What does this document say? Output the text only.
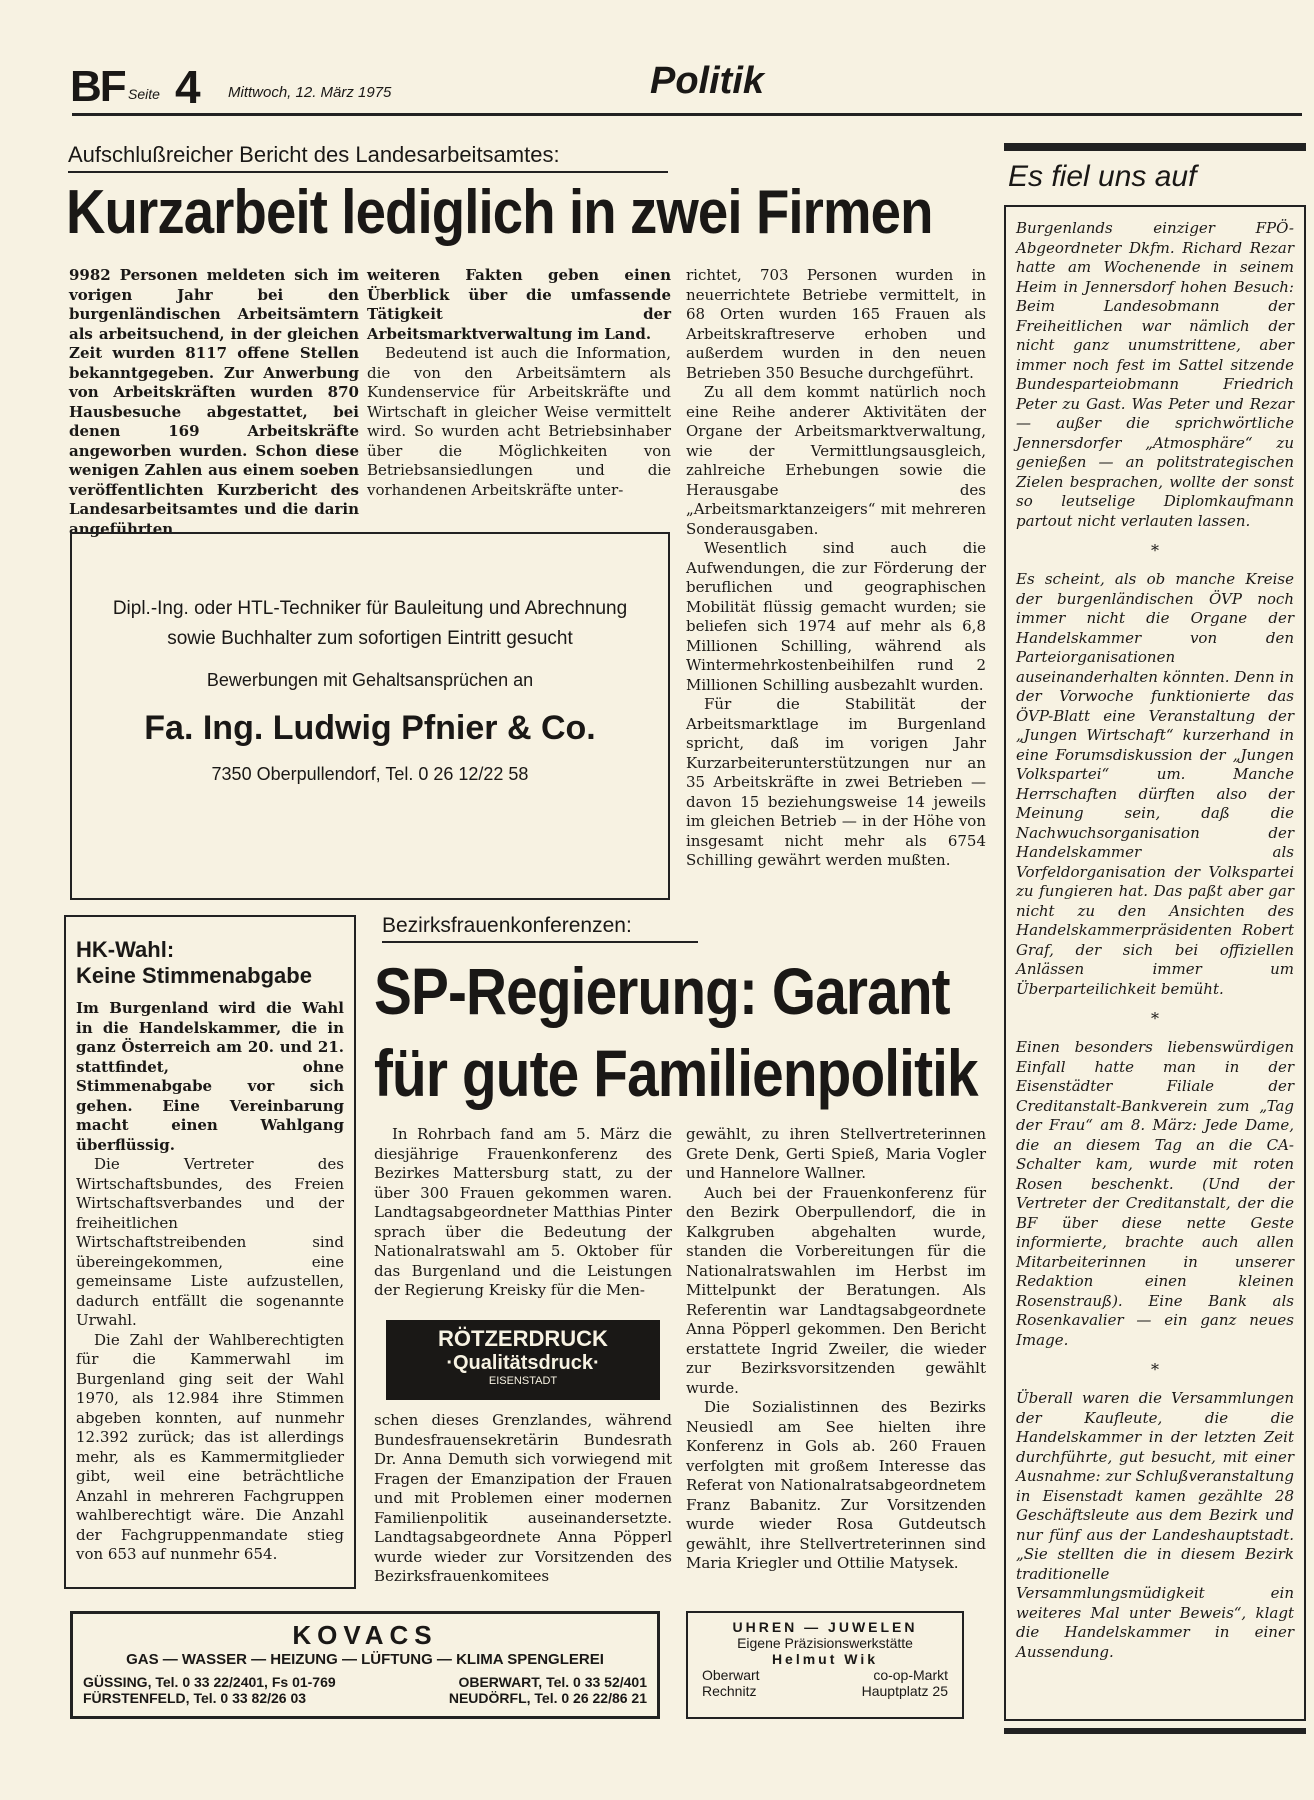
BF Seite 4 Mittwoch, 12. März 1975	Politik
Aufschlußreicher Bericht des Landesarbeitsamtes:
Kurzarbeit lediglich in zwei Firmen
9982 Personen meldeten sich im vorigen Jahr bei den burgenländischen Arbeitsämtern als arbeitsuchend, in der gleichen Zeit wurden 8117 offene Stellen bekanntgegeben. Zur Anwerbung von Arbeitskräften wurden 870 Hausbesuche abgestattet, bei denen 169 Arbeitskräfte angeworben wurden. Schon diese wenigen Zahlen aus einem soeben veröffentlichten Kurzbericht des Landesarbeitsamtes und die darin angeführten
weiteren Fakten geben einen Überblick über die umfassende Tätigkeit der Arbeitsmarktverwaltung im Land.

Bedeutend ist auch die Information, die von den Arbeitsämtern als Kundenservice für Arbeitskräfte und Wirtschaft in gleicher Weise vermittelt wird. So wurden acht Betriebsinhaber über die Möglichkeiten von Betriebsansiedlungen und die vorhandenen Arbeitskräfte unter-

richtet, 703 Personen wurden in neuerrichtete Betriebe vermittelt, in 68 Orten wurden 165 Frauen als Arbeitskraftreserve erhoben und außerdem wurden in den neuen Betrieben 350 Besuche durchgeführt.

Zu all dem kommt natürlich noch eine Reihe anderer Aktivitäten der Organe der Arbeitsmarktverwaltung, wie der Vermittlungsausgleich, zahlreiche Erhebungen sowie die Herausgabe des „Arbeitsmarktanzeigers“ mit mehreren Sonderausgaben.

Wesentlich sind auch die Aufwendungen, die zur Förderung der beruflichen und geographischen Mobilität flüssig gemacht wurden; sie beliefen sich 1974 auf mehr als 6,8 Millionen Schilling, während als Wintermehrkostenbeihilfen rund 2 Millionen Schilling ausbezahlt wurden.

Für die Stabilität der Arbeitsmarktlage im Burgenland spricht, daß im vorigen Jahr Kurzarbeiterunterstützungen nur an 35 Arbeitskräfte in zwei Betrieben — davon 15 beziehungsweise 14 jeweils im gleichen Betrieb — in der Höhe von insgesamt nicht mehr als 6754 Schilling gewährt werden mußten.

Dipl.-Ing. oder HTL-Techniker für Bauleitung und Abrechnung sowie Buchhalter zum sofortigen Eintritt gesucht
Bewerbungen mit Gehaltsansprüchen an
Fa. Ing. Ludwig Pfnier & Co.
7350 Oberpullendorf, Tel. 0 26 12/22 58
HK-Wahl:
Keine Stimmenabgabe
Im Burgenland wird die Wahl in die Handelskammer, die in ganz Österreich am 20. und 21. stattfindet, ohne Stimmenabgabe vor sich gehen. Eine Vereinbarung macht einen Wahlgang überflüssig.

Die Vertreter des Wirtschaftsbundes, des Freien Wirtschaftsverbandes und der freiheitlichen Wirtschaftstreibenden sind übereingekommen, eine gemeinsame Liste aufzustellen, dadurch entfällt die sogenannte Urwahl.

Die Zahl der Wahlberechtigten für die Kammerwahl im Burgenland ging seit der Wahl 1970, als 12.984 ihre Stimmen abgeben konnten, auf nunmehr 12.392 zurück; das ist allerdings mehr, als es Kammermitglieder gibt, weil eine beträchtliche Anzahl in mehreren Fachgruppen wahlberechtigt wäre. Die Anzahl der Fachgruppenmandate stieg von 653 auf nunmehr 654.

Bezirksfrauenkonferenzen:
SP-Regierung: Garant
für gute Familienpolitik

In Rohrbach fand am 5. März die diesjährige Frauenkonferenz des Bezirkes Mattersburg statt, zu der über 300 Frauen gekommen waren. Landtagsabgeordneter Matthias Pinter sprach über die Bedeutung der Nationalratswahl am 5. Oktober für das Burgenland und die Leistungen der Regierung Kreisky für die Men-

RÖTZERDRUCK
·Qualitätsdruck·
EISENSTADT
schen dieses Grenzlandes, während Bundesfrauensekretärin Bundesrath Dr. Anna Demuth sich vorwiegend mit Fragen der Emanzipation der Frauen und mit Problemen einer modernen Familienpolitik auseinandersetzte. Landtagsabgeordnete Anna Pöpperl wurde wieder zur Vorsitzenden des Bezirksfrauenkomitees

gewählt, zu ihren Stellvertreterinnen Grete Denk, Gerti Spieß, Maria Vogler und Hannelore Wallner.

Auch bei der Frauenkonferenz für den Bezirk Oberpullendorf, die in Kalkgruben abgehalten wurde, standen die Vorbereitungen für die Nationalratswahlen im Herbst im Mittelpunkt der Beratungen. Als Referentin war Landtagsabgeordnete Anna Pöpperl gekommen. Den Bericht erstattete Ingrid Zweiler, die wieder zur Bezirksvorsitzenden gewählt wurde.

Die Sozialistinnen des Bezirks Neusiedl am See hielten ihre Konferenz in Gols ab. 260 Frauen verfolgten mit großem Interesse das Referat von Nationalratsabgeordnetem Franz Babanitz. Zur Vorsitzenden wurde wieder Rosa Gutdeutsch gewählt, ihre Stellvertreterinnen sind Maria Kriegler und Ottilie Matysek.

KOVACS
GAS — WASSER — HEIZUNG — LÜFTUNG — KLIMA SPENGLEREI
GÜSSING, Tel. 0 33 22/2401, Fs 01-769	OBERWART, Tel. 0 33 52/401
FÜRSTENFELD, Tel. 0 33 82/26 03	NEUDÖRFL, Tel. 0 26 22/86 21
UHREN — JUWELEN
Eigene Präzisionswerkstätte
Helmut Wik
Oberwart	co-op-Markt
Rechnitz	Hauptplatz 25
Es fiel uns auf
Burgenlands einziger FPÖ-Abgeordneter Dkfm. Richard Rezar hatte am Wochenende in seinem Heim in Jennersdorf hohen Besuch: Beim Landesobmann der Freiheitlichen war nämlich der nicht ganz unumstrittene, aber immer noch fest im Sattel sitzende Bundesparteiobmann Friedrich Peter zu Gast. Was Peter und Rezar — außer die sprichwörtliche Jennersdorfer „Atmosphäre“ zu genießen — an politstrategischen Zielen besprachen, wollte der sonst so leutselige Diplomkaufmann partout nicht verlauten lassen.
*
Es scheint, als ob manche Kreise der burgenländischen ÖVP noch immer nicht die Organe der Handelskammer von den Parteiorganisationen auseinanderhalten könnten. Denn in der Vorwoche funktionierte das ÖVP-Blatt eine Veranstaltung der „Jungen Wirtschaft“ kurzerhand in eine Forumsdiskussion der „Jungen Volkspartei“ um. Manche Herrschaften dürften also der Meinung sein, daß die Nachwuchsorganisation der Handelskammer als Vorfeldorganisation der Volkspartei zu fungieren hat. Das paßt aber gar nicht zu den Ansichten des Handelskammerpräsidenten Robert Graf, der sich bei offiziellen Anlässen immer um Überparteilichkeit bemüht.
*
Einen besonders liebenswürdigen Einfall hatte man in der Eisenstädter Filiale der Creditanstalt-Bankverein zum „Tag der Frau“ am 8. März: Jede Dame, die an diesem Tag an die CA-Schalter kam, wurde mit roten Rosen beschenkt. (Und der Vertreter der Creditanstalt, der die BF über diese nette Geste informierte, brachte auch allen Mitarbeiterinnen in unserer Redaktion einen kleinen Rosenstrauß). Eine Bank als Rosenkavalier — ein ganz neues Image.
*
Überall waren die Versammlungen der Kaufleute, die die Handelskammer in der letzten Zeit durchführte, gut besucht, mit einer Ausnahme: zur Schlußveranstaltung in Eisenstadt kamen gezählte 28 Geschäftsleute aus dem Bezirk und nur fünf aus der Landeshauptstadt. „Sie stellten die in diesem Bezirk traditionelle Versammlungsmüdigkeit ein weiteres Mal unter Beweis“, klagt die Handelskammer in einer Aussendung.
